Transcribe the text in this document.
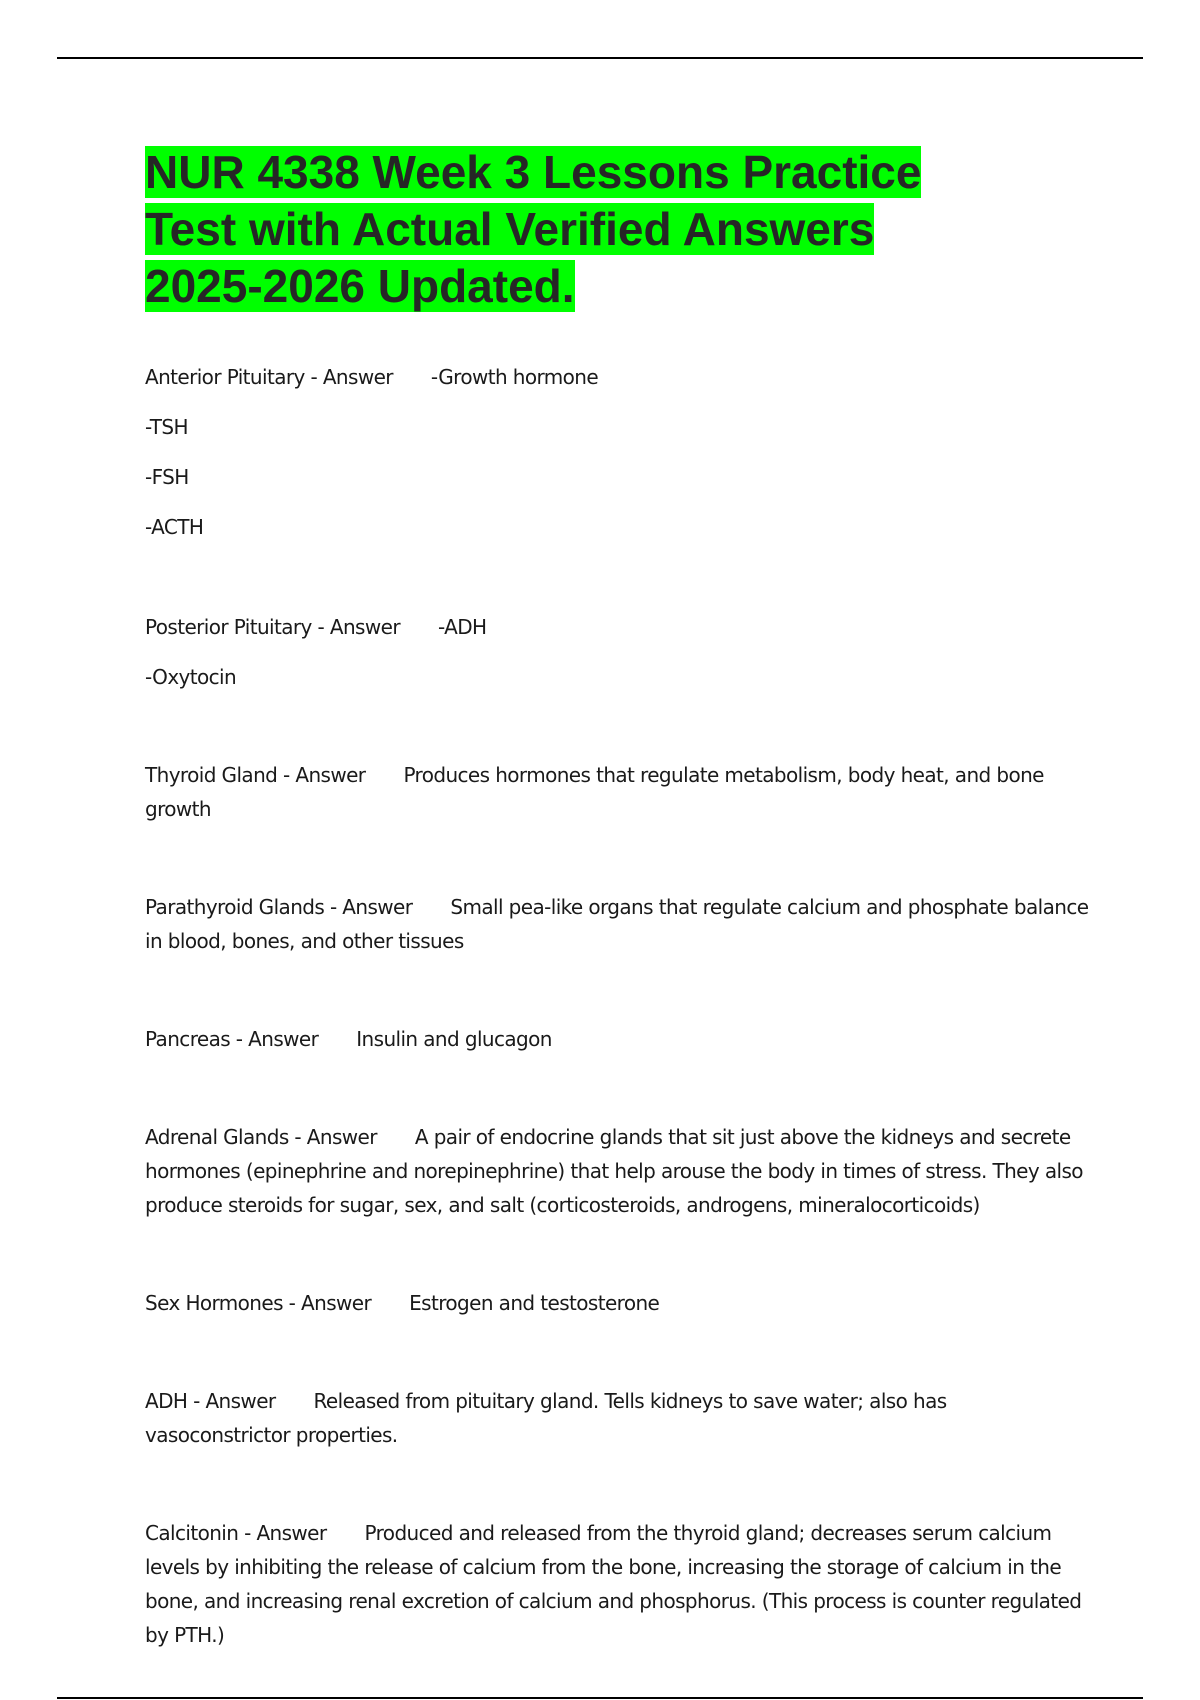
NUR 4338 Week 3 Lessons Practice
Test with Actual Verified Answers
2025-2026 Updated.

Anterior Pituitary - Answer -Growth hormone

-TSH

-FSH

-ACTH

Posterior Pituitary - Answer -ADH

-Oxytocin

Thyroid Gland - Answer Produces hormones that regulate metabolism, body heat, and bone growth

Parathyroid Glands - Answer Small pea-like organs that regulate calcium and phosphate balance in blood, bones, and other tissues

Pancreas - Answer Insulin and glucagon

Adrenal Glands - Answer A pair of endocrine glands that sit just above the kidneys and secrete hormones (epinephrine and norepinephrine) that help arouse the body in times of stress. They also produce steroids for sugar, sex, and salt (corticosteroids, androgens, mineralocorticoids)

Sex Hormones - Answer Estrogen and testosterone

ADH - Answer Released from pituitary gland. Tells kidneys to save water; also has vasoconstrictor properties.

Calcitonin - Answer Produced and released from the thyroid gland; decreases serum calcium levels by inhibiting the release of calcium from the bone, increasing the storage of calcium in the bone, and increasing renal excretion of calcium and phosphorus. (This process is counter regulated by PTH.)
